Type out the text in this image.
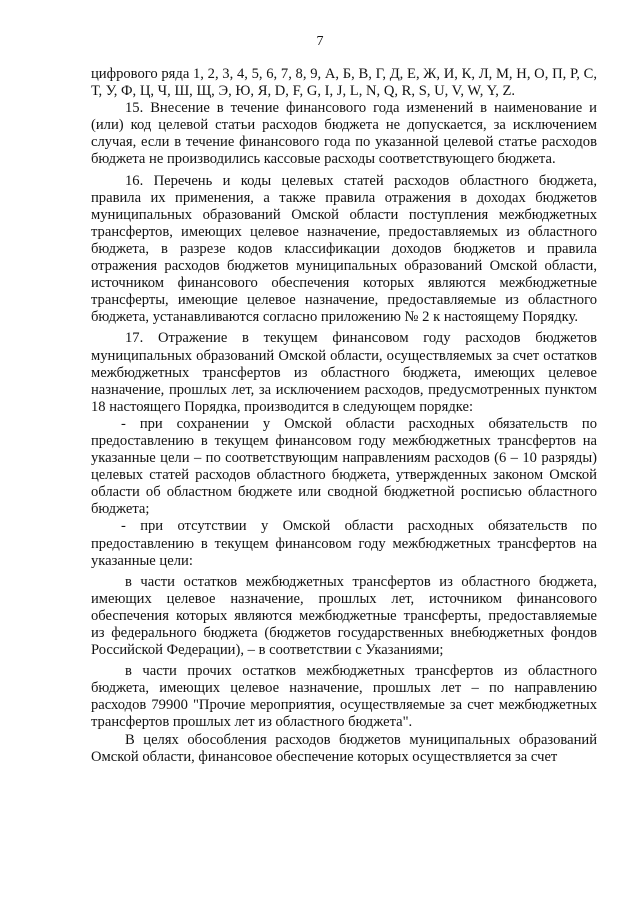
7

цифрового ряда 1, 2, 3, 4, 5, 6, 7, 8, 9, А, Б, В, Г, Д, Е, Ж, И, К, Л, М, Н, О, П, Р, С, Т, У, Ф, Ц, Ч, Ш, Щ, Э, Ю, Я, D, F, G, I, J, L, N, Q, R, S, U, V, W, Y, Z.

15. Внесение в течение финансового года изменений в наименование и (или) код целевой статьи расходов бюджета не допускается, за исключением случая, если в течение финансового года по указанной целевой статье расходов бюджета не производились кассовые расходы соответствующего бюджета.

16. Перечень и коды целевых статей расходов областного бюджета, правила их применения, а также правила отражения в доходах бюджетов муниципальных образований Омской области поступления межбюджетных трансфертов, имеющих целевое назначение, предоставляемых из областного бюджета, в разрезе кодов классификации доходов бюджетов и правила отражения расходов бюджетов муниципальных образований Омской области, источником финансового обеспечения которых являются межбюджетные трансферты, имеющие целевое назначение, предоставляемые из областного бюджета, устанавливаются согласно приложению № 2 к настоящему Порядку.

17. Отражение в текущем финансовом году расходов бюджетов муниципальных образований Омской области, осуществляемых за счет остатков межбюджетных трансфертов из областного бюджета, имеющих целевое назначение, прошлых лет, за исключением расходов, предусмотренных пунктом 18 настоящего Порядка, производится в следующем порядке:

- при сохранении у Омской области расходных обязательств по предоставлению в текущем финансовом году межбюджетных трансфертов на указанные цели – по соответствующим направлениям расходов (6 – 10 разряды) целевых статей расходов областного бюджета, утвержденных законом Омской области об областном бюджете или сводной бюджетной росписью областного бюджета;

- при отсутствии у Омской области расходных обязательств по предоставлению в текущем финансовом году межбюджетных трансфертов на указанные цели:

в части остатков межбюджетных трансфертов из областного бюджета, имеющих целевое назначение, прошлых лет, источником финансового обеспечения которых являются межбюджетные трансферты, предоставляемые из федерального бюджета (бюджетов государственных внебюджетных фондов Российской Федерации), – в соответствии с Указаниями;

в части прочих остатков межбюджетных трансфертов из областного бюджета, имеющих целевое назначение, прошлых лет – по направлению расходов 79900 "Прочие мероприятия, осуществляемые за счет межбюджетных трансфертов прошлых лет из областного бюджета".

В целях обособления расходов бюджетов муниципальных образований Омской области, финансовое обеспечение которых осуществляется за счет
